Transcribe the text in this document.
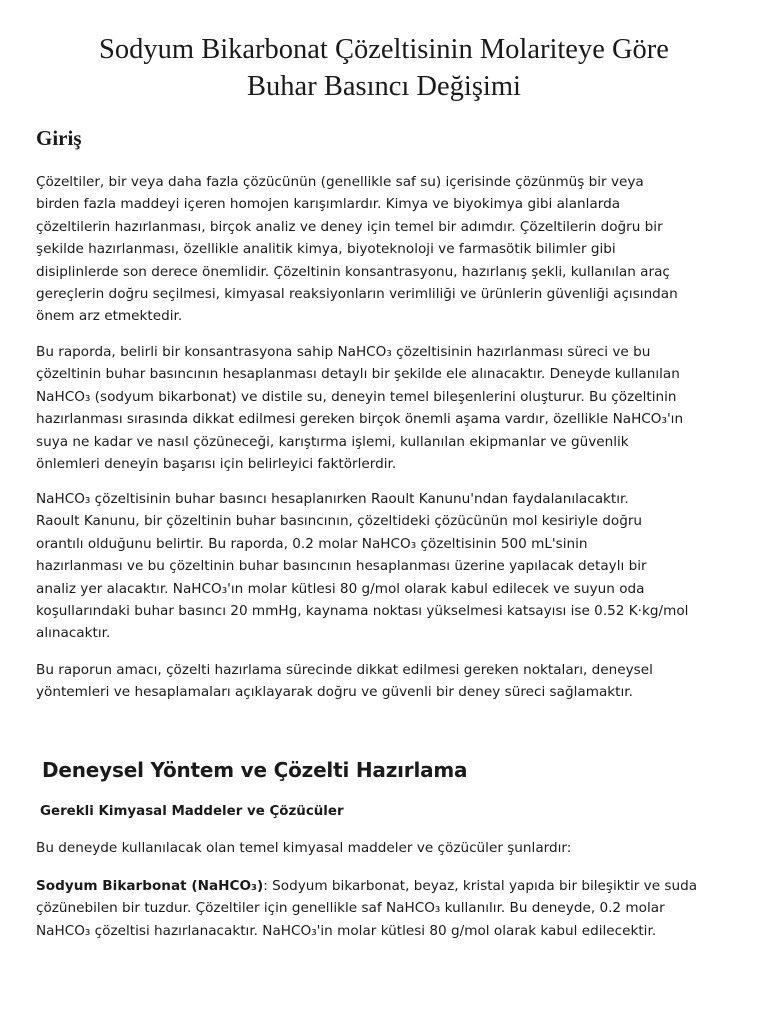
Sodyum Bikarbonat Çözeltisinin Molariteye Göre
Buhar Basıncı Değişimi
Giriş

Çözeltiler, bir veya daha fazla çözücünün (genellikle saf su) içerisinde çözünmüş bir veya
birden fazla maddeyi içeren homojen karışımlardır. Kimya ve biyokimya gibi alanlarda
çözeltilerin hazırlanması, birçok analiz ve deney için temel bir adımdır. Çözeltilerin doğru bir
şekilde hazırlanması, özellikle analitik kimya, biyoteknoloji ve farmasötik bilimler gibi
disiplinlerde son derece önemlidir. Çözeltinin konsantrasyonu, hazırlanış şekli, kullanılan araç
gereçlerin doğru seçilmesi, kimyasal reaksiyonların verimliliği ve ürünlerin güvenliği açısından
önem arz etmektedir.

Bu raporda, belirli bir konsantrasyona sahip NaHCO₃ çözeltisinin hazırlanması süreci ve bu
çözeltinin buhar basıncının hesaplanması detaylı bir şekilde ele alınacaktır. Deneyde kullanılan
NaHCO₃ (sodyum bikarbonat) ve distile su, deneyin temel bileşenlerini oluşturur. Bu çözeltinin
hazırlanması sırasında dikkat edilmesi gereken birçok önemli aşama vardır, özellikle NaHCO₃'ın
suya ne kadar ve nasıl çözüneceği, karıştırma işlemi, kullanılan ekipmanlar ve güvenlik
önlemleri deneyin başarısı için belirleyici faktörlerdir.

NaHCO₃ çözeltisinin buhar basıncı hesaplanırken Raoult Kanunu'ndan faydalanılacaktır.
Raoult Kanunu, bir çözeltinin buhar basıncının, çözeltideki çözücünün mol kesiriyle doğru
orantılı olduğunu belirtir. Bu raporda, 0.2 molar NaHCO₃ çözeltisinin 500 mL'sinin
hazırlanması ve bu çözeltinin buhar basıncının hesaplanması üzerine yapılacak detaylı bir
analiz yer alacaktır. NaHCO₃'ın molar kütlesi 80 g/mol olarak kabul edilecek ve suyun oda
koşullarındaki buhar basıncı 20 mmHg, kaynama noktası yükselmesi katsayısı ise 0.52 K·kg/mol
alınacaktır.

Bu raporun amacı, çözelti hazırlama sürecinde dikkat edilmesi gereken noktaları, deneysel
yöntemleri ve hesaplamaları açıklayarak doğru ve güvenli bir deney süreci sağlamaktır.

Deneysel Yöntem ve Çözelti Hazırlama
Gerekli Kimyasal Maddeler ve Çözücüler

Bu deneyde kullanılacak olan temel kimyasal maddeler ve çözücüler şunlardır:

Sodyum Bikarbonat (NaHCO₃): Sodyum bikarbonat, beyaz, kristal yapıda bir bileşiktir ve suda
çözünebilen bir tuzdur. Çözeltiler için genellikle saf NaHCO₃ kullanılır. Bu deneyde, 0.2 molar
NaHCO₃ çözeltisi hazırlanacaktır. NaHCO₃'in molar kütlesi 80 g/mol olarak kabul edilecektir.
